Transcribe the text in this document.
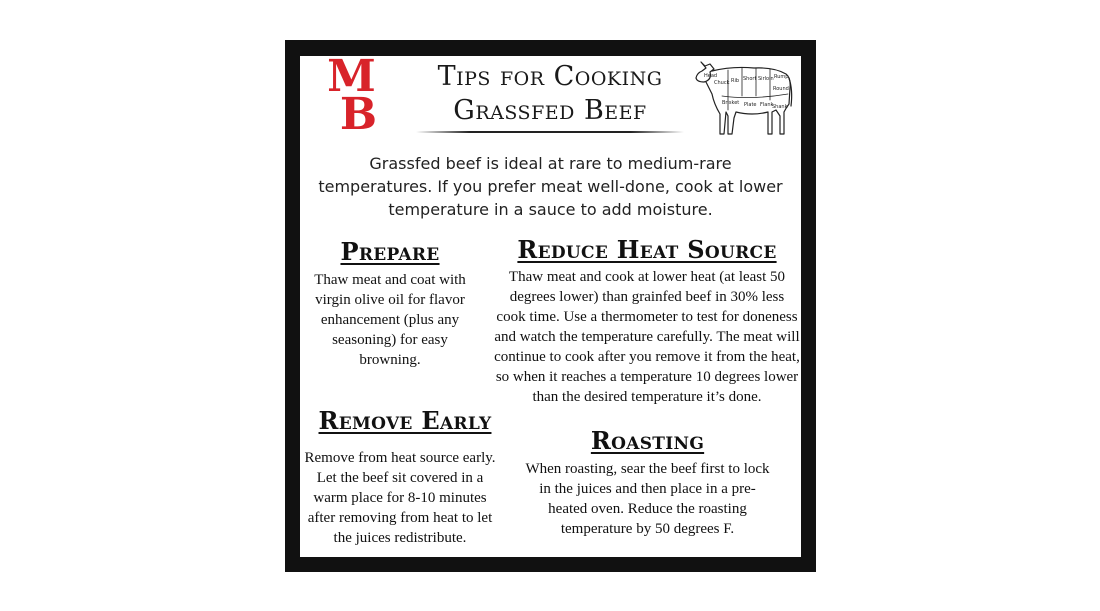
M
B
Tips for Cooking
Grassfed Beef
Head
Chuck Rib Short Sirloin Rump
Round
Brisket Plate Flank
Shank
Grassfed beef is ideal at rare to medium-rare temperatures. If you prefer meat well-done, cook at lower temperature in a sauce to add moisture.
Prepare
Thaw meat and coat with virgin olive oil for flavor enhancement (plus any seasoning) for easy browning.
Reduce Heat Source
Thaw meat and cook at lower heat (at least 50 degrees lower) than grainfed beef in 30% less cook time. Use a thermometer to test for doneness and watch the temperature carefully. The meat will continue to cook after you remove it from the heat, so when it reaches a temperature 10 degrees lower than the desired temperature it’s done.
Remove Early
Remove from heat source early. Let the beef sit covered in a warm place for 8-10 minutes after removing from heat to let the juices redistribute.
Roasting
When roasting, sear the beef first to lock in the juices and then place in a pre-heated oven. Reduce the roasting temperature by 50 degrees F.
